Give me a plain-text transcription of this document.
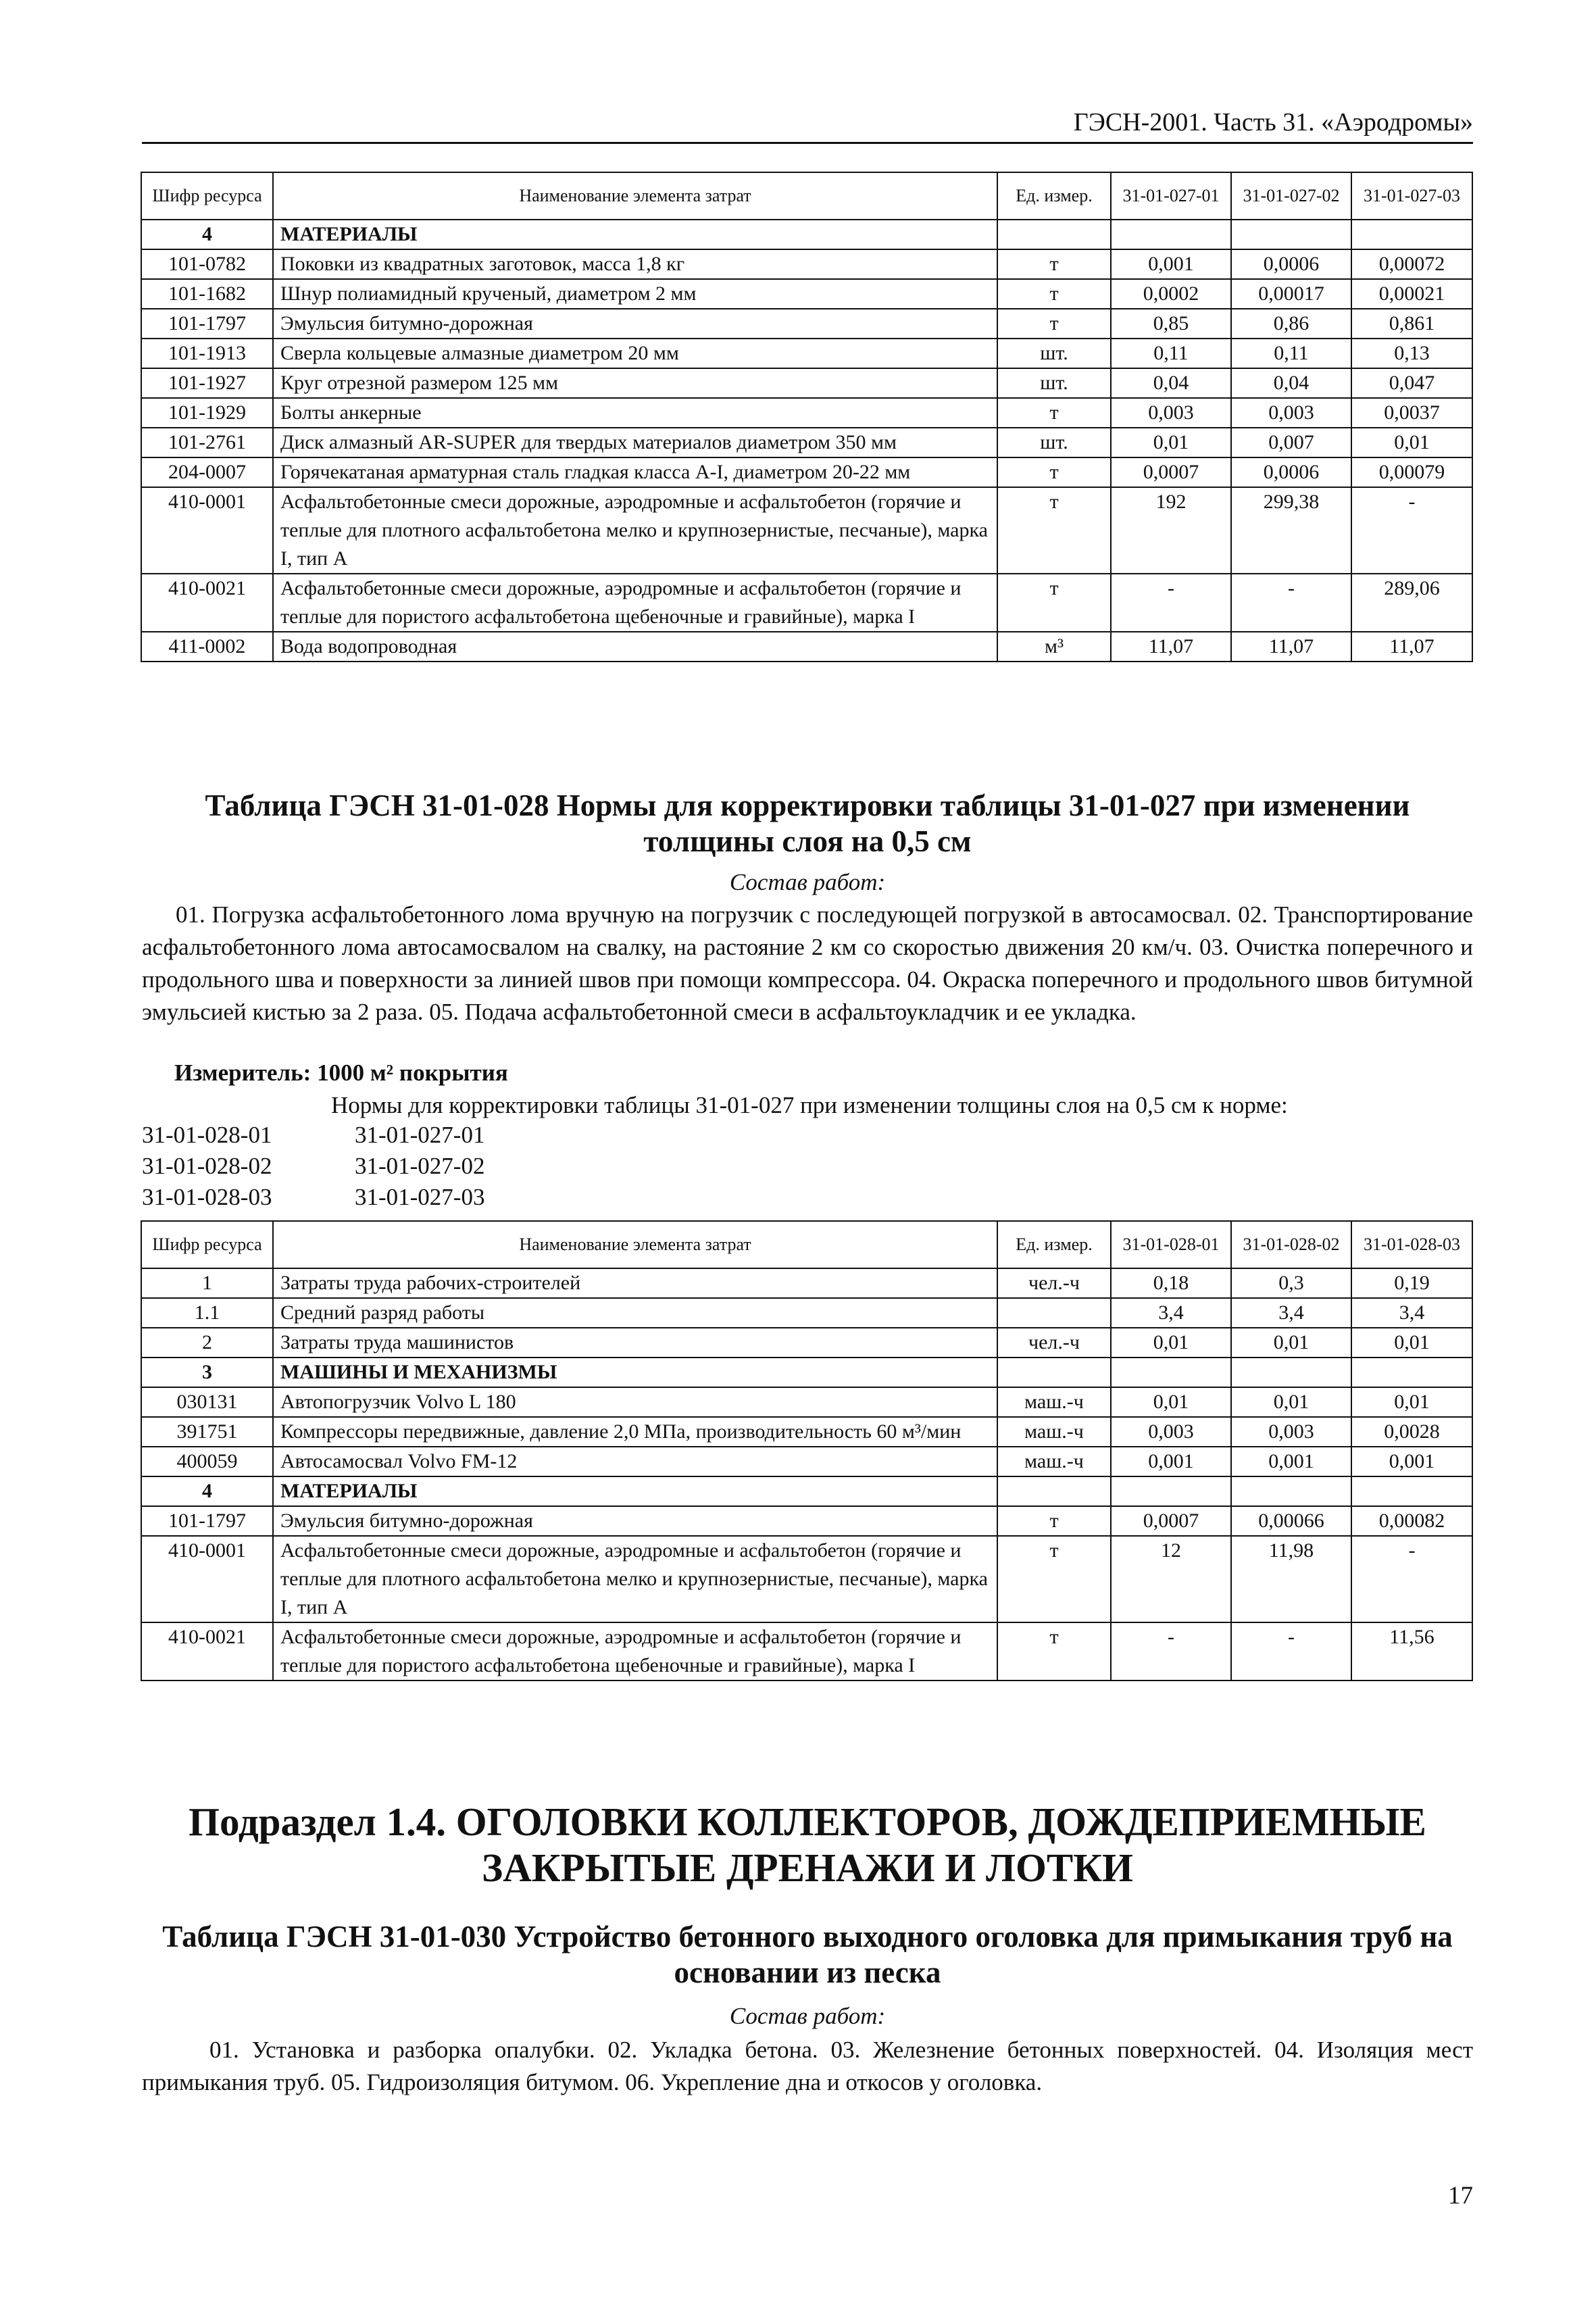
ГЭСН-2001. Часть 31. «Аэродромы»
Шифр ресурса	Наименование элемента затрат	Ед. измер.	31-01-027-01	31-01-027-02	31-01-027-03
4	МАТЕРИАЛЫ				
101-0782	Поковки из квадратных заготовок, масса 1,8 кг	т	0,001	0,0006	0,00072
101-1682	Шнур полиамидный крученый, диаметром 2 мм	т	0,0002	0,00017	0,00021
101-1797	Эмульсия битумно-дорожная	т	0,85	0,86	0,861
101-1913	Сверла кольцевые алмазные диаметром 20 мм	шт.	0,11	0,11	0,13
101-1927	Круг отрезной размером 125 мм	шт.	0,04	0,04	0,047
101-1929	Болты анкерные	т	0,003	0,003	0,0037
101-2761	Диск алмазный AR-SUPER для твердых материалов диаметром 350 мм	шт.	0,01	0,007	0,01
204-0007	Горячекатаная арматурная сталь гладкая класса А-I, диаметром 20-22 мм	т	0,0007	0,0006	0,00079
410-0001	Асфальтобетонные смеси дорожные, аэродромные и асфальтобетон (горячие и теплые для плотного асфальтобетона мелко и крупнозернистые, песчаные), марка I, тип А	т	192	299,38	-
410-0021	Асфальтобетонные смеси дорожные, аэродромные и асфальтобетон (горячие и теплые для пористого асфальтобетона щебеночные и гравийные), марка I	т	-	-	289,06
411-0002	Вода водопроводная	м³	11,07	11,07	11,07
Таблица ГЭСН 31-01-028 Нормы для корректировки таблицы 31-01-027 при изменении толщины слоя на 0,5 см
Состав работ:
01. Погрузка асфальтобетонного лома вручную на погрузчик с последующей погрузкой в автосамосвал. 02. Транспортирование асфальтобетонного лома автосамосвалом на свалку, на растояние 2 км со скоростью движения 20 км/ч. 03. Очистка поперечного и продольного шва и поверхности за линией швов при помощи компрессора. 04. Окраска поперечного и продольного швов битумной эмульсией кистью за 2 раза. 05. Подача асфальтобетонной смеси в асфальтоукладчик и ее укладка.
Измеритель: 1000 м² покрытия
Нормы для корректировки таблицы 31-01-027 при изменении толщины слоя на 0,5 см к норме:
31-01-028-01	31-01-027-01
31-01-028-02	31-01-027-02
31-01-028-03	31-01-027-03
Шифр ресурса	Наименование элемента затрат	Ед. измер.	31-01-028-01	31-01-028-02	31-01-028-03
1	Затраты труда рабочих-строителей	чел.-ч	0,18	0,3	0,19
1.1	Средний разряд работы		3,4	3,4	3,4
2	Затраты труда машинистов	чел.-ч	0,01	0,01	0,01
3	МАШИНЫ И МЕХАНИЗМЫ				
030131	Автопогрузчик Volvo L 180	маш.-ч	0,01	0,01	0,01
391751	Компрессоры передвижные, давление 2,0 МПа, производительность 60 м³/мин	маш.-ч	0,003	0,003	0,0028
400059	Автосамосвал Volvo FM-12	маш.-ч	0,001	0,001	0,001
4	МАТЕРИАЛЫ				
101-1797	Эмульсия битумно-дорожная	т	0,0007	0,00066	0,00082
410-0001	Асфальтобетонные смеси дорожные, аэродромные и асфальтобетон (горячие и теплые для плотного асфальтобетона мелко и крупнозернистые, песчаные), марка I, тип А	т	12	11,98	-
410-0021	Асфальтобетонные смеси дорожные, аэродромные и асфальтобетон (горячие и теплые для пористого асфальтобетона щебеночные и гравийные), марка I	т	-	-	11,56
Подраздел 1.4. ОГОЛОВКИ КОЛЛЕКТОРОВ, ДОЖДЕПРИЕМНЫЕ ЗАКРЫТЫЕ ДРЕНАЖИ И ЛОТКИ
Таблица ГЭСН 31-01-030 Устройство бетонного выходного оголовка для примыкания труб на основании из песка
Состав работ:
01. Установка и разборка опалубки. 02. Укладка бетона. 03. Железнение бетонных поверхностей. 04. Изоляция мест примыкания труб. 05. Гидроизоляция битумом. 06. Укрепление дна и откосов у оголовка.
17
